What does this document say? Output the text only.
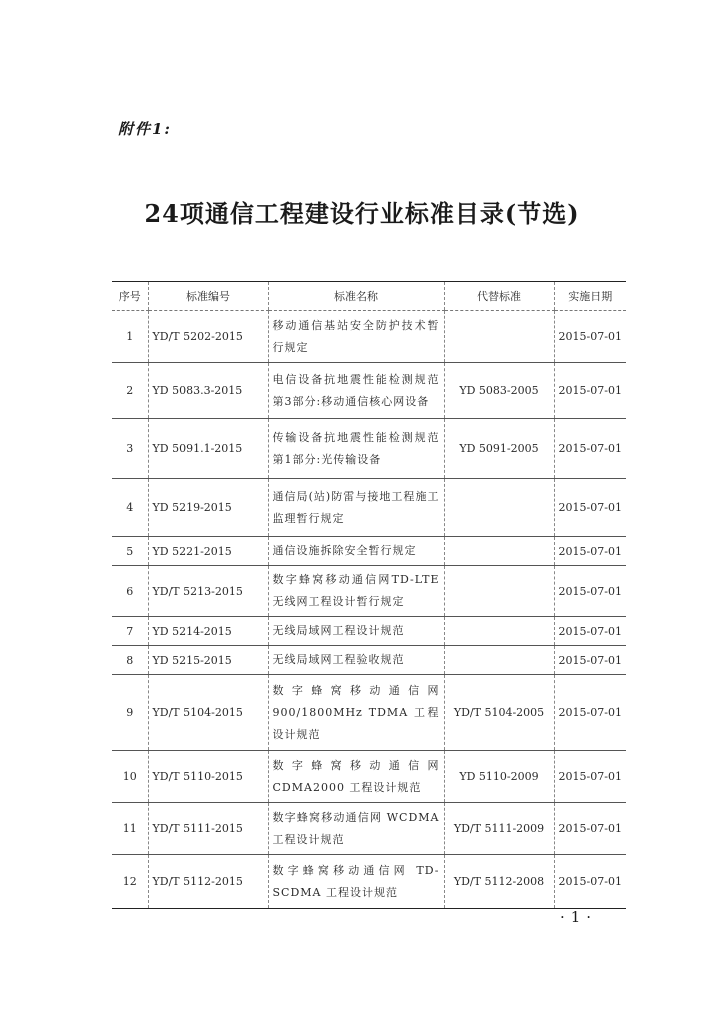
附件1:
24项通信工程建设行业标准目录(节选)
序号	标准编号	标准名称	代替标准	实施日期
1	YD/T 5202-2015	移动通信基站安全防护技术暂行规定		2015-07-01
2	YD 5083.3-2015	电信设备抗地震性能检测规范 第3部分:移动通信核心网设备	YD 5083-2005	2015-07-01
3	YD 5091.1-2015	传输设备抗地震性能检测规范 第1部分:光传输设备	YD 5091-2005	2015-07-01
4	YD 5219-2015	通信局(站)防雷与接地工程施工监理暂行规定		2015-07-01
5	YD 5221-2015	通信设施拆除安全暂行规定		2015-07-01
6	YD/T 5213-2015	数字蜂窝移动通信网TD-LTE无线网工程设计暂行规定		2015-07-01
7	YD 5214-2015	无线局域网工程设计规范		2015-07-01
8	YD 5215-2015	无线局域网工程验收规范		2015-07-01
9	YD/T 5104-2015	数字蜂窝移动通信网 900/1800MHz TDMA 工程设计规范	YD/T 5104-2005	2015-07-01
10	YD/T 5110-2015	数字蜂窝移动通信网 CDMA2000 工程设计规范	YD 5110-2009	2015-07-01
11	YD/T 5111-2015	数字蜂窝移动通信网 WCDMA 工程设计规范	YD/T 5111-2009	2015-07-01
12	YD/T 5112-2015	数字蜂窝移动通信网 TD-SCDMA 工程设计规范	YD/T 5112-2008	2015-07-01
·1·
